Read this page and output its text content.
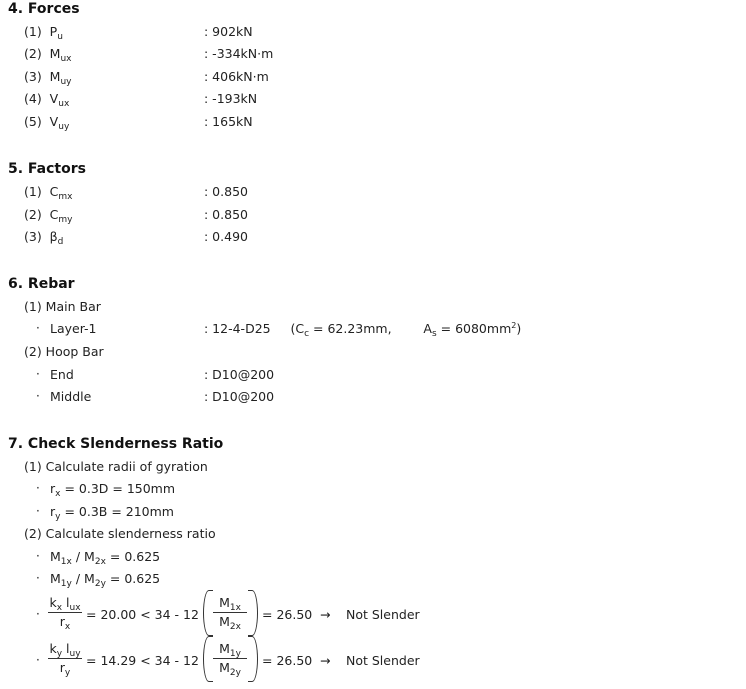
4. Forces
(1) $P_u$	: 902kN
(2) $M_{ux}$	: -334kN·m
(3) $M_{uy}$	: 406kN·m
(4) $V_{ux}$	: -193kN
(5) $V_{uy}$	: 165kN
5. Factors
(1) $C_{mx}$	: 0.850
(2) $C_{my}$	: 0.850
(3) $\beta_d$	: 0.490
6. Rebar
(1) Main Bar
· Layer-1	: 12-4-D25 ($C_c = 62.23mm$,	$A_s = 6080mm^2$)
(2) Hoop Bar
· End	: D10@200
· Middle	: D10@200
7. Check Slenderness Ratio
(1) Calculate radii of gyration
· $r_x = 0.3D = 150mm$
· $r_y = 0.3B = 210mm$
(2) Calculate slenderness ratio
· $M_{1x} / M_{2x} = 0.625$
· $M_{1y} / M_{2y} = 0.625$
·
$k_x$ $l_{ux}$
$r_x$
= 20.00 < 34 - 12
$M_{1x}$
$M_{2x}$
= 26.50 → Not Slender
·
$k_y$ $l_{uy}$
$r_y$
= 14.29 < 34 - 12
$M_{1y}$
$M_{2y}$
= 26.50 → Not Slender
